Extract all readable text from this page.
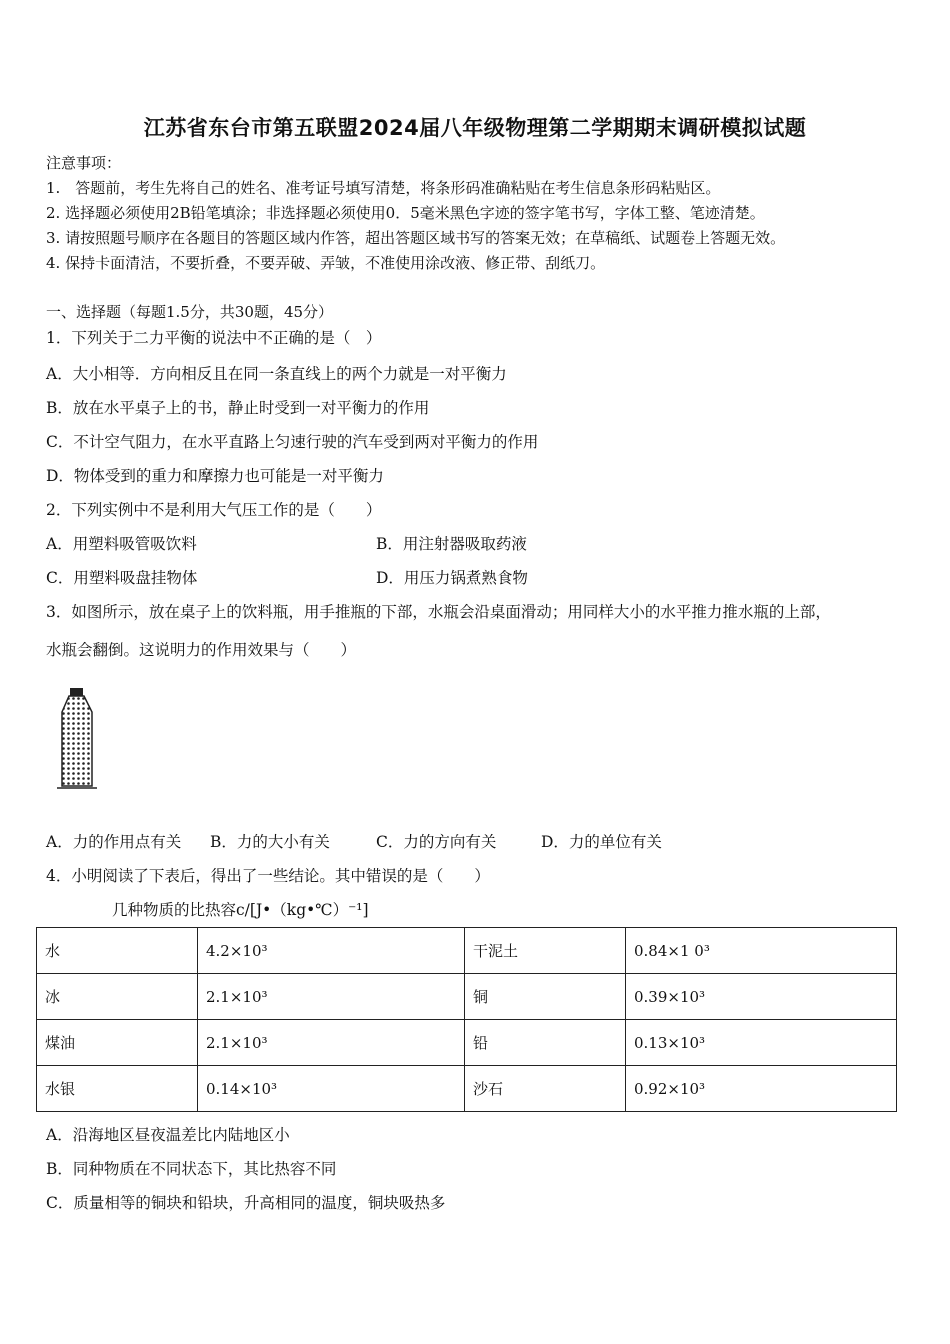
江苏省东台市第五联盟2024届八年级物理第二学期期末调研模拟试题
注意事项：
1.　答题前，考生先将自己的姓名、准考证号填写清楚，将条形码准确粘贴在考生信息条形码粘贴区。
2. 选择题必须使用2B铅笔填涂；非选择题必须使用0．5毫米黑色字迹的签字笔书写，字体工整、笔迹清楚。
3. 请按照题号顺序在各题目的答题区域内作答，超出答题区域书写的答案无效；在草稿纸、试题卷上答题无效。
4. 保持卡面清洁，不要折叠，不要弄破、弄皱，不准使用涂改液、修正带、刮纸刀。
一、选择题（每题1.5分，共30题，45分）
1．下列关于二力平衡的说法中不正确的是（　）
A．大小相等．方向相反且在同一条直线上的两个力就是一对平衡力
B．放在水平桌子上的书，静止时受到一对平衡力的作用
C．不计空气阻力，在水平直路上匀速行驶的汽车受到两对平衡力的作用
D．物体受到的重力和摩擦力也可能是一对平衡力
2．下列实例中不是利用大气压工作的是（　　）
A．用塑料吸管吸饮料	B．用注射器吸取药液
C．用塑料吸盘挂物体	D．用压力锅煮熟食物
3．如图所示，放在桌子上的饮料瓶，用手推瓶的下部，水瓶会沿桌面滑动；用同样大小的水平推力推水瓶的上部，
水瓶会翻倒。这说明力的作用效果与（　　）
A．力的作用点有关 B．力的大小有关	C．力的方向有关	D．力的单位有关
4．小明阅读了下表后，得出了一些结论。其中错误的是（　　）
几种物质的比热容c/[J•（kg•℃）⁻¹]
水	4.2×10³	干泥土	0.84×1 0³
冰	2.1×10³	铜	0.39×10³
煤油	2.1×10³	铅	0.13×10³
水银	0.14×10³	沙石	0.92×10³
A．沿海地区昼夜温差比内陆地区小
B．同种物质在不同状态下，其比热容不同
C．质量相等的铜块和铅块，升高相同的温度，铜块吸热多
